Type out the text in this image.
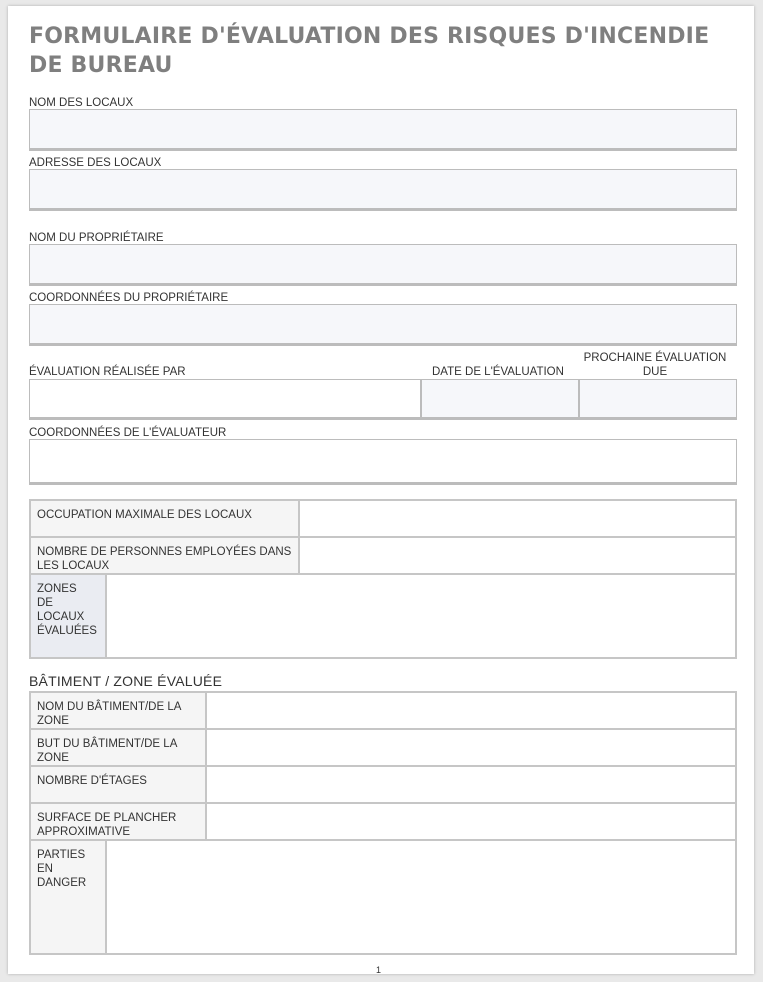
FORMULAIRE D'ÉVALUATION DES RISQUES D'INCENDIE DE BUREAU
NOM DES LOCAUX
ADRESSE DES LOCAUX
NOM DU PROPRIÉTAIRE
COORDONNÉES DU PROPRIÉTAIRE
ÉVALUATION RÉALISÉE PAR	DATE DE L'ÉVALUATION
PROCHAINE ÉVALUATION DUE
COORDONNÉES DE L'ÉVALUATEUR
OCCUPATION MAXIMALE DES LOCAUX
NOMBRE DE PERSONNES EMPLOYÉES DANS LES LOCAUX
ZONES DE LOCAUX ÉVALUÉES
BÂTIMENT / ZONE ÉVALUÉE
NOM DU BÂTIMENT/DE LA ZONE
BUT DU BÂTIMENT/DE LA ZONE
NOMBRE D'ÉTAGES
SURFACE DE PLANCHER APPROXIMATIVE
PARTIES EN DANGER
1
